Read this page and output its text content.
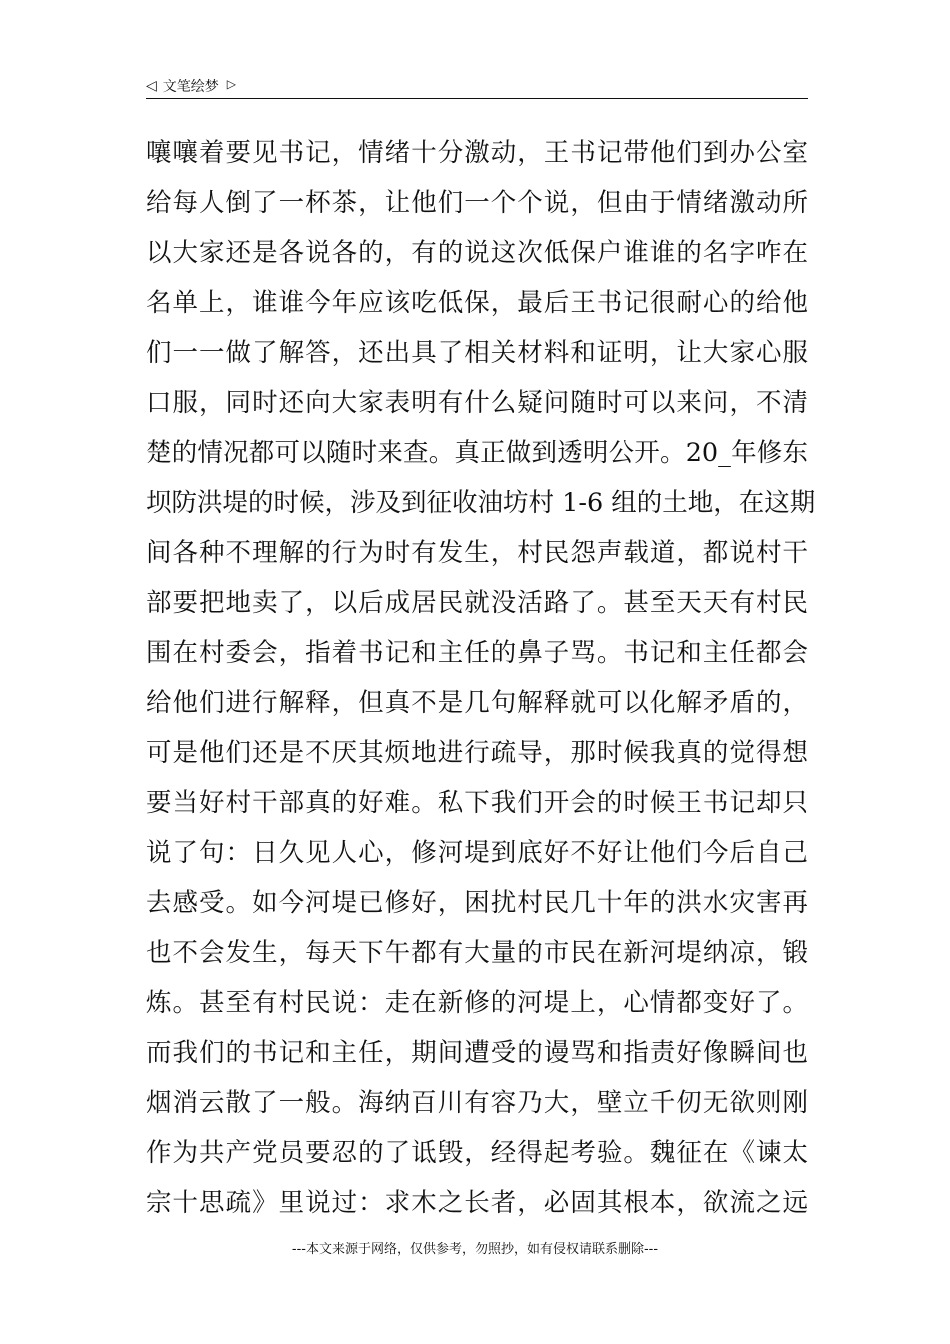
◁ 文笔绘梦 ▷
嚷嚷着要见书记，情绪十分激动，王书记带他们到办公室
给每人倒了一杯茶，让他们一个个说，但由于情绪激动所
以大家还是各说各的，有的说这次低保户谁谁的名字咋在
名单上，谁谁今年应该吃低保，最后王书记很耐心的给他
们一一做了解答，还出具了相关材料和证明，让大家心服
口服，同时还向大家表明有什么疑问随时可以来问，不清
楚的情况都可以随时来查。真正做到透明公开。20_年修东
坝防洪堤的时候，涉及到征收油坊村 1-6 组的土地，在这期
间各种不理解的行为时有发生，村民怨声载道，都说村干
部要把地卖了，以后成居民就没活路了。甚至天天有村民
围在村委会，指着书记和主任的鼻子骂。书记和主任都会
给他们进行解释，但真不是几句解释就可以化解矛盾的，
可是他们还是不厌其烦地进行疏导，那时候我真的觉得想
要当好村干部真的好难。私下我们开会的时候王书记却只
说了句：日久见人心，修河堤到底好不好让他们今后自己
去感受。如今河堤已修好，困扰村民几十年的洪水灾害再
也不会发生，每天下午都有大量的市民在新河堤纳凉，锻
炼。甚至有村民说：走在新修的河堤上，心情都变好了。
而我们的书记和主任，期间遭受的谩骂和指责好像瞬间也
烟消云散了一般。海纳百川有容乃大，壁立千仞无欲则刚
作为共产党员要忍的了诋毁，经得起考验。魏征在《谏太
宗十思疏》里说过：求木之长者，必固其根本，欲流之远
---本文来源于网络，仅供参考，勿照抄，如有侵权请联系删除---
